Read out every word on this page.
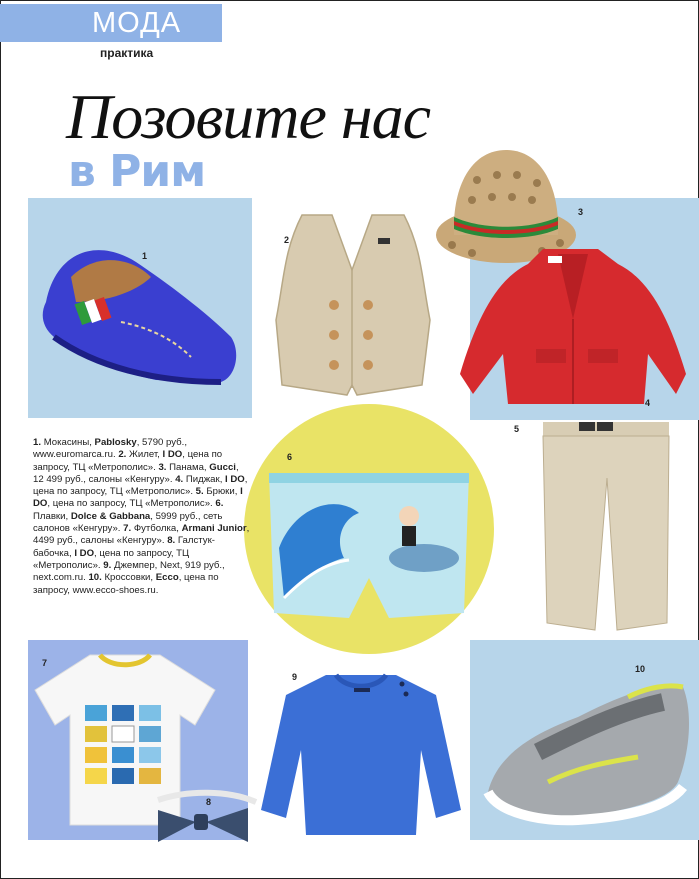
МОДА
практика
Позовите нас
в Рим
1
2
3
4
5
6
7
8
9
10
1. Мокасины, Pablosky, 5790 руб., www.euromarca.ru. 2. Жилет, I DO, цена по запросу, ТЦ «Метрополис». 3. Панама, Gucci, 12 499 руб., салоны «Кенгуру». 4. Пиджак, I DO, цена по запросу, ТЦ «Метрополис». 5. Брюки, I DO, цена по запросу, ТЦ «Метрополис». 6. Плавки, Dolce & Gabbana, 5999 руб., сеть салонов «Кенгуру». 7. Футболка, Armani Junior, 4499 руб., салоны «Кенгуру». 8. Галстук-бабочка, I DO, цена по запросу, ТЦ «Метрополис». 9. Джемпер, Next, 919 руб., next.com.ru. 10. Кроссовки, Ecco, цена по запросу, www.ecco-shoes.ru.
